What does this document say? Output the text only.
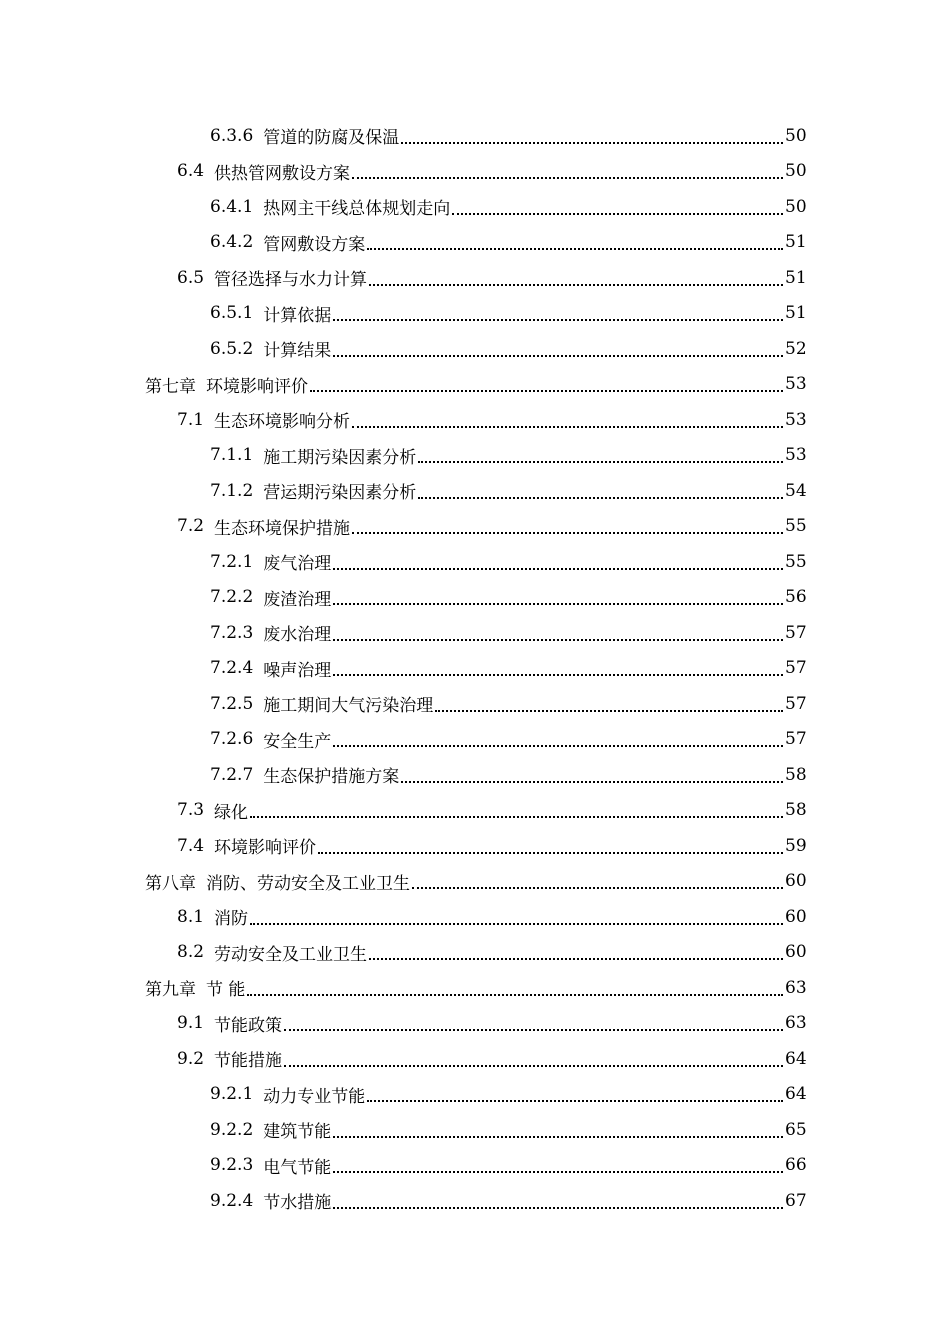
6.3.6 管道的防腐及保温	50
6.4 供热管网敷设方案	50
6.4.1 热网主干线总体规划走向	50
6.4.2 管网敷设方案	51
6.5 管径选择与水力计算	51
6.5.1 计算依据	51
6.5.2 计算结果	52
第七章 环境影响评价	53
7.1 生态环境影响分析	53
7.1.1 施工期污染因素分析	53
7.1.2 营运期污染因素分析	54
7.2 生态环境保护措施	55
7.2.1 废气治理	55
7.2.2 废渣治理	56
7.2.3 废水治理	57
7.2.4 噪声治理	57
7.2.5 施工期间大气污染治理	57
7.2.6 安全生产	57
7.2.7 生态保护措施方案	58
7.3 绿化	58
7.4 环境影响评价	59
第八章 消防、劳动安全及工业卫生	60
8.1 消防	60
8.2 劳动安全及工业卫生	60
第九章 节 能	63
9.1 节能政策	63
9.2 节能措施	64
9.2.1 动力专业节能	64
9.2.2 建筑节能	65
9.2.3 电气节能	66
9.2.4 节水措施	67
